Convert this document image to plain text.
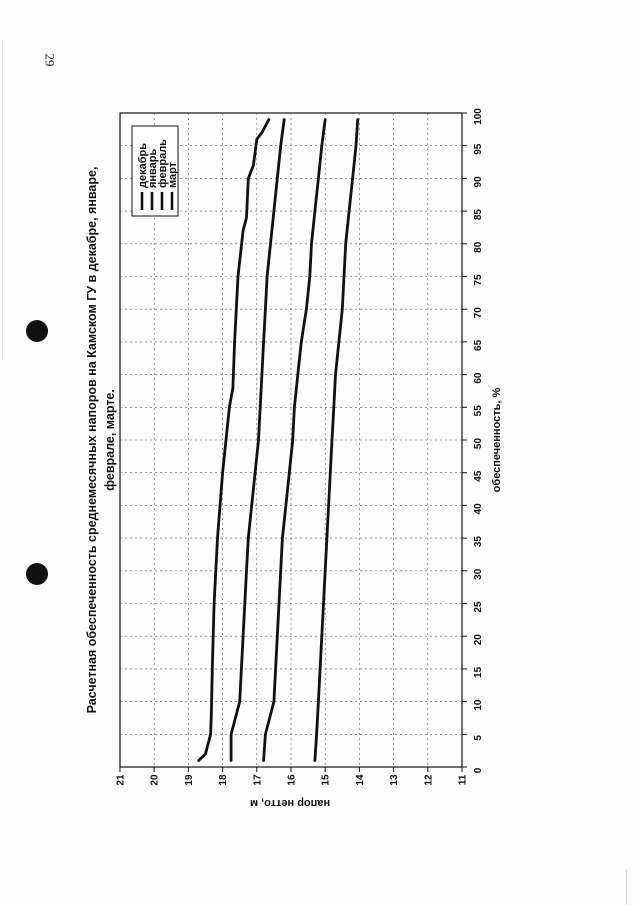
29
0
5
10
15
20
25
30
35
40
45
50
55
60
65
70
75
80
85
90
95
100
11
12
13
14
15
16
17
18
19
20
21
Расчетная обеспеченность среднемесячных напоров на Камском ГУ в декабре, январе, феврале, марте.	обеспеченность, %
напор нетто, м
декабрь
январь
февраль
март
